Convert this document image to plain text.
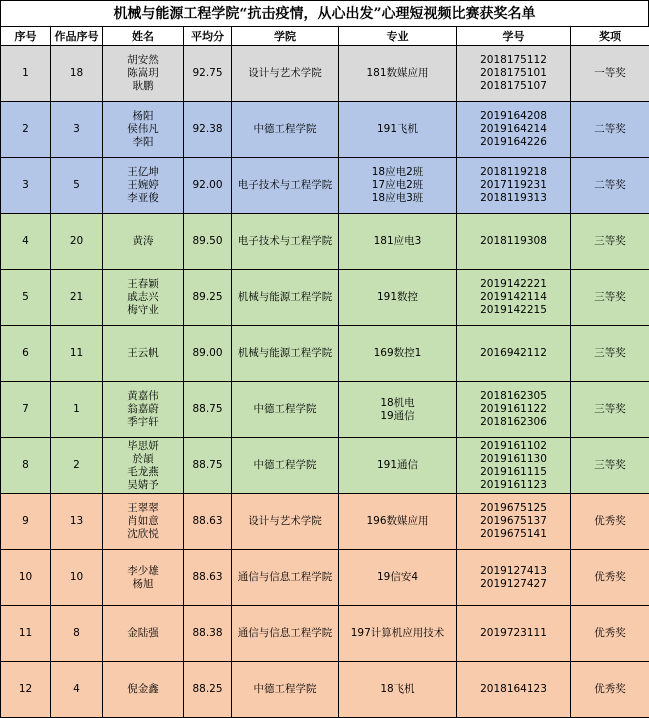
机械与能源工程学院“抗击疫情，从心出发”心理短视频比赛获奖名单
序号	作品序号	姓名	平均分	学院	专业	学号	奖项
1	18	胡安然
陈嵩玥
耿鹏	92.75	设计与艺术学院	181数媒应用	2018175112
2018175101
2018175107	一等奖
2	3	杨阳
侯伟凡
李阳	92.38	中德工程学院	191飞机	2019164208
2019164214
2019164226	二等奖
3	5	王亿坤
王婉婷
李亚俊	92.00	电子技术与工程学院	18应电2班
17应电2班
18应电3班	2018119218
2017119231
2018119313	二等奖
4	20	黄涛	89.50	电子技术与工程学院	181应电3	2018119308	三等奖
5	21	王春颖
戚志兴
梅守业	89.25	机械与能源工程学院	191数控	2019142221
2019142114
2019142215	三等奖
6	11	王云帆	89.00	机械与能源工程学院	169数控1	2016942112	三等奖
7	1	黄嘉伟
翁嘉蔚
季宇轩	88.75	中德工程学院	18机电
19通信	2018162305
2019161122
2018162306	三等奖
8	2	毕思妍
於頡
毛龙燕
吴婧予	88.75	中德工程学院	191通信	2019161102
2019161130
2019161115
2019161123	三等奖
9	13	王翠翠
肖如意
沈欣悦	88.63	设计与艺术学院	196数媒应用	2019675125
2019675137
2019675141	优秀奖
10	10	李少雄
杨旭	88.63	通信与信息工程学院	19信安4	2019127413
2019127427	优秀奖
11	8	金陆强	88.38	通信与信息工程学院	197计算机应用技术	2019723111	优秀奖
12	4	倪金鑫	88.25	中德工程学院	18飞机	2018164123	优秀奖
